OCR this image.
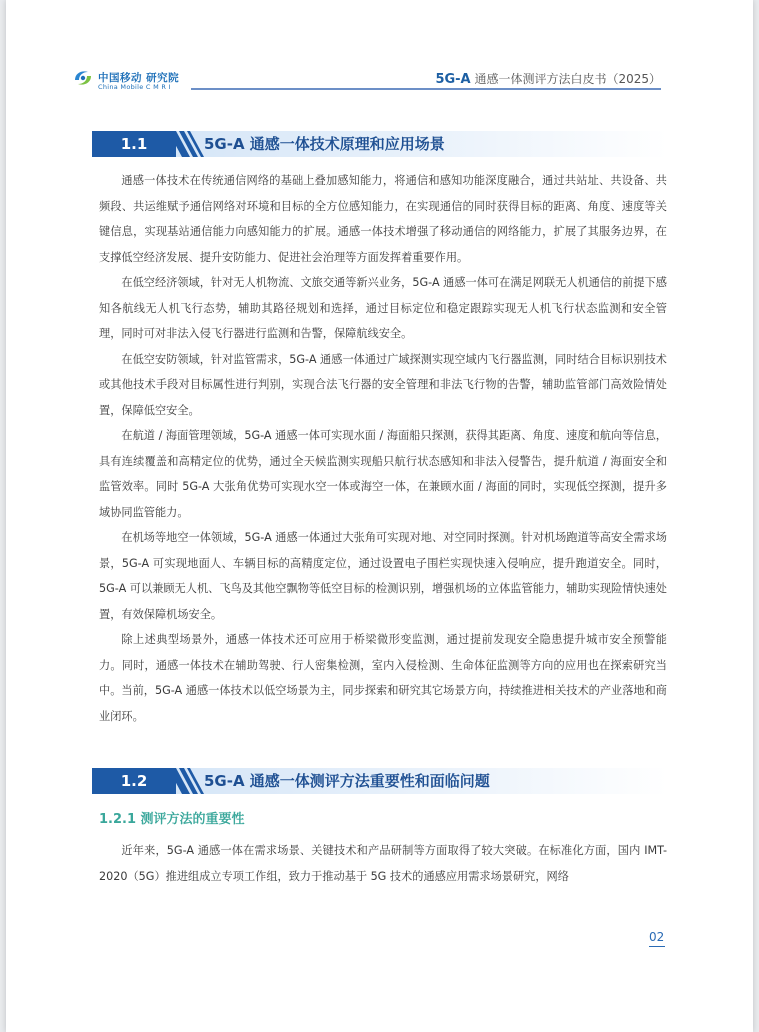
中国移动 研究院
China Mobile C M R I	5G-A 通感一体测评方法白皮书（2025）
1.1	5G-A 通感一体技术原理和应用场景

通感一体技术在传统通信网络的基础上叠加感知能力，将通信和感知功能深度融合，通过共站址、共设备、共频段、共运维赋予通信网络对环境和目标的全方位感知能力，在实现通信的同时获得目标的距离、角度、速度等关键信息，实现基站通信能力向感知能力的扩展。通感一体技术增强了移动通信的网络能力，扩展了其服务边界，在支撑低空经济发展、提升安防能力、促进社会治理等方面发挥着重要作用。

在低空经济领域，针对无人机物流、文旅交通等新兴业务，5G-A 通感一体可在满足网联无人机通信的前提下感知各航线无人机飞行态势，辅助其路径规划和选择，通过目标定位和稳定跟踪实现无人机飞行状态监测和安全管理，同时可对非法入侵飞行器进行监测和告警，保障航线安全。

在低空安防领域，针对监管需求，5G-A 通感一体通过广域探测实现空域内飞行器监测，同时结合目标识别技术或其他技术手段对目标属性进行判别，实现合法飞行器的安全管理和非法飞行物的告警，辅助监管部门高效险情处置，保障低空安全。

在航道 / 海面管理领域，5G-A 通感一体可实现水面 / 海面船只探测，获得其距离、角度、速度和航向等信息，具有连续覆盖和高精定位的优势，通过全天候监测实现船只航行状态感知和非法入侵警告，提升航道 / 海面安全和监管效率。同时 5G-A 大张角优势可实现水空一体或海空一体，在兼顾水面 / 海面的同时，实现低空探测，提升多域协同监管能力。

在机场等地空一体领域，5G-A 通感一体通过大张角可实现对地、对空同时探测。针对机场跑道等高安全需求场景，5G-A 可实现地面人、车辆目标的高精度定位，通过设置电子围栏实现快速入侵响应，提升跑道安全。同时，5G-A 可以兼顾无人机、飞鸟及其他空飘物等低空目标的检测识别，增强机场的立体监管能力，辅助实现险情快速处置，有效保障机场安全。

除上述典型场景外，通感一体技术还可应用于桥梁微形变监测，通过提前发现安全隐患提升城市安全预警能力。同时，通感一体技术在辅助驾驶、行人密集检测，室内入侵检测、生命体征监测等方向的应用也在探索研究当中。当前，5G-A 通感一体技术以低空场景为主，同步探索和研究其它场景方向，持续推进相关技术的产业落地和商业闭环。

1.2	5G-A 通感一体测评方法重要性和面临问题
1.2.1 测评方法的重要性

近年来，5G-A 通感一体在需求场景、关键技术和产品研制等方面取得了较大突破。在标准化方面，国内 IMT-2020（5G）推进组成立专项工作组，致力于推动基于 5G 技术的通感应用需求场景研究，网络

02
